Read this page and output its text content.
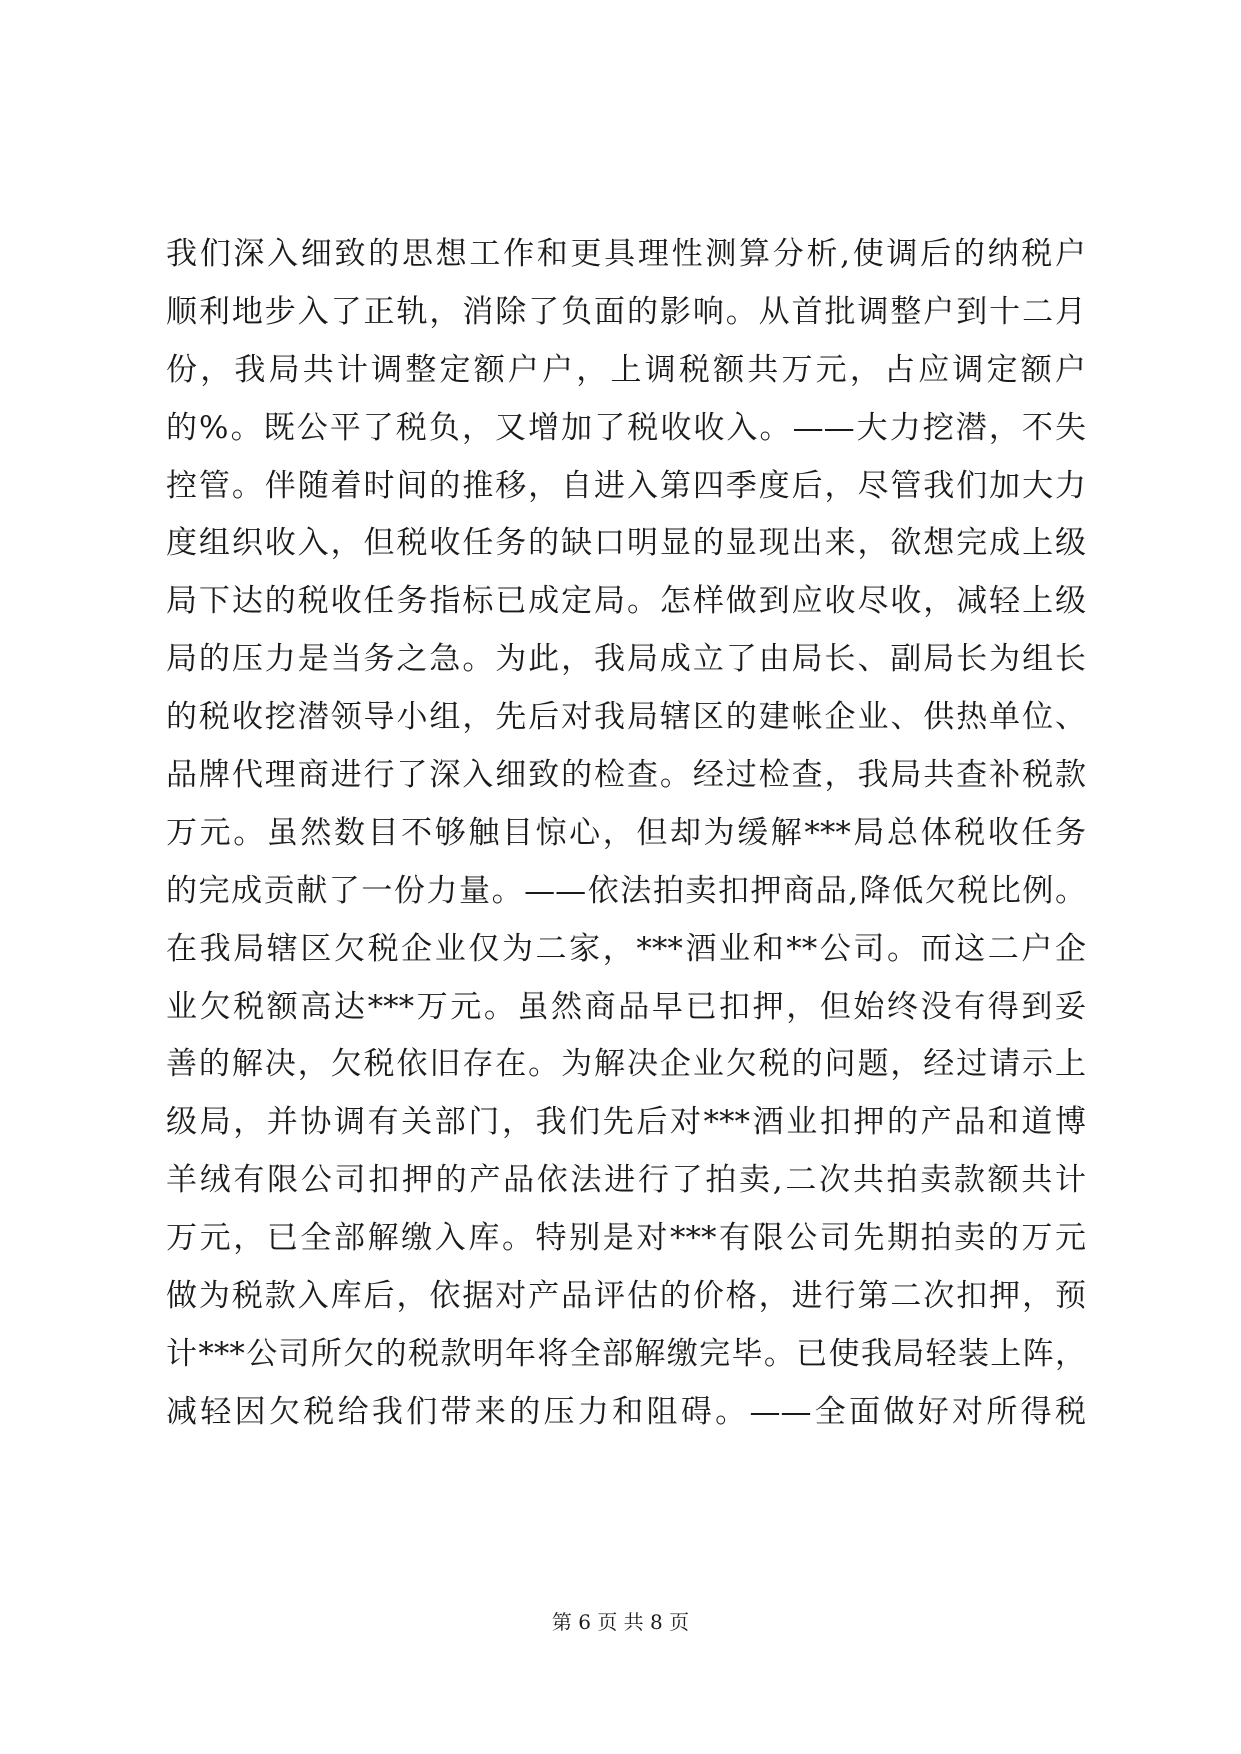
我们深入细致的思想工作和更具理性测算分析,使调后的纳税户
顺利地步入了正轨，消除了负面的影响。从首批调整户到十二月
份，我局共计调整定额户户，上调税额共万元，占应调定额户
的%。既公平了税负，又增加了税收收入。——大力挖潜，不失
控管。伴随着时间的推移，自进入第四季度后，尽管我们加大力
度组织收入，但税收任务的缺口明显的显现出来，欲想完成上级
局下达的税收任务指标已成定局。怎样做到应收尽收，减轻上级
局的压力是当务之急。为此，我局成立了由局长、副局长为组长
的税收挖潜领导小组，先后对我局辖区的建帐企业、供热单位、
品牌代理商进行了深入细致的检查。经过检查，我局共查补税款
万元。虽然数目不够触目惊心，但却为缓解***局总体税收任务
的完成贡献了一份力量。——依法拍卖扣押商品,降低欠税比例。
在我局辖区欠税企业仅为二家，***酒业和**公司。而这二户企
业欠税额高达***万元。虽然商品早已扣押，但始终没有得到妥
善的解决，欠税依旧存在。为解决企业欠税的问题，经过请示上
级局，并协调有关部门，我们先后对***酒业扣押的产品和道博
羊绒有限公司扣押的产品依法进行了拍卖,二次共拍卖款额共计
万元，已全部解缴入库。特别是对***有限公司先期拍卖的万元
做为税款入库后，依据对产品评估的价格，进行第二次扣押，预
计***公司所欠的税款明年将全部解缴完毕。已使我局轻装上阵，
减轻因欠税给我们带来的压力和阻碍。——全面做好对所得税
第 6 页 共 8 页
